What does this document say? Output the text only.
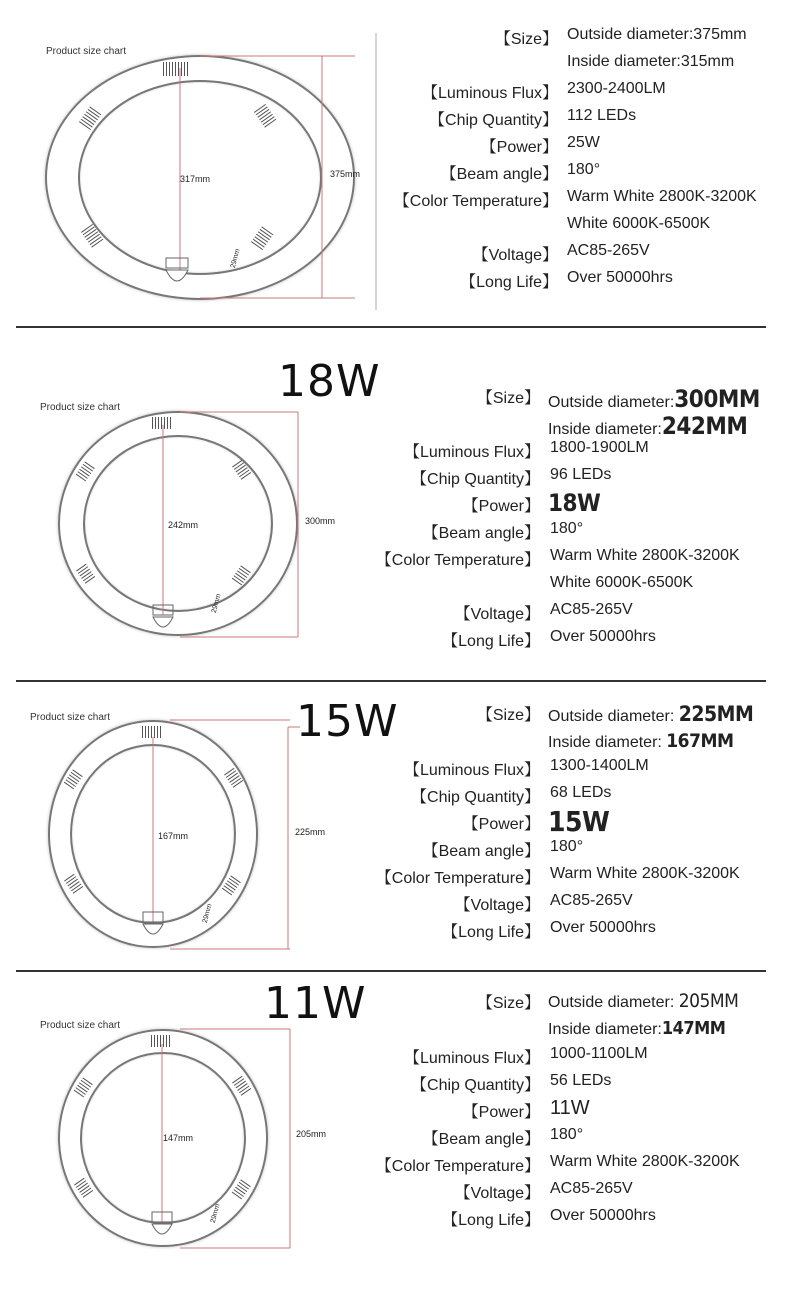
Product size chart
317mm	375mm
29mm
【Size】 Outside diameter:375mm
Inside diameter:315mm
【Luminous Flux】 2300-2400LM
【Chip Quantity】 112 LEDs
【Power】 25W
【Beam angle】 180°
【Color Temperature】 Warm White 2800K-3200K
White 6000K-6500K
【Voltage】 AC85-265V
【Long Life】 Over 50000hrs
Product size chart
242mm	300mm
29mm
18W	【Size】 Outside diameter:300MM
Inside diameter:242MM
【Luminous Flux】 1800-1900LM
【Chip Quantity】 96 LEDs
【Power】 18W
【Beam angle】 180°
【Color Temperature】 Warm White 2800K-3200K
White 6000K-6500K
【Voltage】 AC85-265V
【Long Life】 Over 50000hrs
Product size chart
167mm	225mm
29mm
15W	【Size】 Outside diameter: 225MM
Inside diameter: 167MM
【Luminous Flux】 1300-1400LM
【Chip Quantity】 68 LEDs
【Power】 15W
【Beam angle】 180°
【Color Temperature】 Warm White 2800K-3200K
【Voltage】 AC85-265V
【Long Life】 Over 50000hrs
Product size chart
147mm	205mm
29mm
11W	【Size】 Outside diameter: 205MM
Inside diameter:147MM
【Luminous Flux】 1000-1100LM
【Chip Quantity】 56 LEDs
【Power】 11W
【Beam angle】 180°
【Color Temperature】 Warm White 2800K-3200K
【Voltage】 AC85-265V
【Long Life】 Over 50000hrs
